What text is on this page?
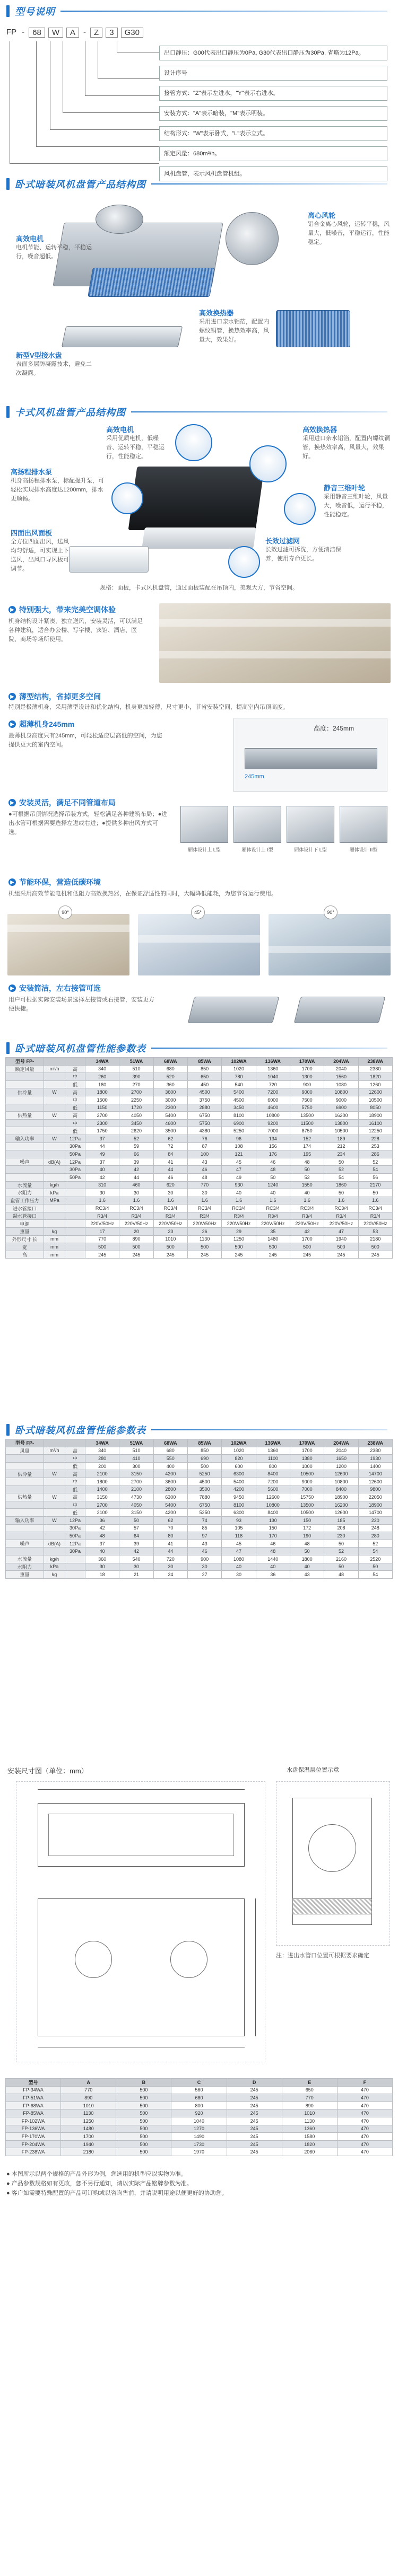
型号说明
FP -	68	W	A	-	Z	3	G30
出口静压：G00代表出口静压为0Pa, G30代表出口静压为30Pa, 省略为12Pa。
设计序号
接管方式："Z"表示左进水，"Y"表示右进水。
安装方式："A"表示暗装，"M"表示明装。
结构形式："W"表示卧式，"L"表示立式。
额定风量：680m³/h。
风机盘管，表示风机盘管机组。
卧式暗装风机盘管产品结构图
高效电机
电机节能、运转平稳，平稳运行，噪音超低。
离心风轮
铝合金离心风轮，运转平稳，风量大，低噪音，平稳运行，性能稳定。
新型V型接水盘
表面多层防凝露技术，避免二次凝露。
高效换热器
采用进口亲水铝箔，配置内螺纹铜管，换热效率高，风量大，效果好。
卡式风机盘管产品结构图
高效电机
采用优质电机，低噪音、运转平稳，平稳运行，性能稳定。
高效换热器
采用进口亲水铝箔，配置内螺纹铜管，换热效率高，风量大，效果好。
高扬程排水泵
机身高扬程排水泵，标配提升泵，可轻松实现排水高度达1200mm，排水更顺畅。
静音三维叶轮
采用静音三维叶轮，风量大，噪音低，运行平稳，性能稳定。
四面出风面板
全方位四面出风，送风均匀舒适，可实现上下送风，出风口导风板可调节。
长效过滤网
长效过滤可拆洗，方便清洁保养，使用寿命更长。
规格：面板，卡式风机盘管，通过面板装配在吊顶内，美观大方，节省空间。
▶ 特别强大，带来完美空调体验
机身结构设计紧凑，独立送风，安装灵活，可以满足各种建筑，适合办公楼、写字楼、宾馆、酒店、医院、商场等场所使用。
▶ 薄型结构，省掉更多空间
特别是极薄机身，采用薄型设计和优化结构，机身更加轻薄，尺寸更小，节省安装空间，提高室内吊顶高度。
▶ 超薄机身245mm
最薄机身高度只有245mm，可轻松适应层高低的空间，为您提供更大的室内空间。
高度：245mm
245mm
▶ 安装灵活，满足不同管道布局
●可根据吊顶情况选择吊装方式，轻松满足各种建筑布局；●进出水管可根据需要选择左进或右进；●提供多种出风方式可选。
厢体设计上 L型	厢体设计上 I型	厢体设计下 L型	厢体设计 II型
▶ 节能环保，营造低碳环境
机组采用高效节能电机和低阻力高效换热器，在保证舒适性的同时，大幅降低能耗，为您节省运行费用。
90°	45°	90°
▶ 安装简洁，左右接管可选
用户可根据实际安装场景选择左接管或右接管，安装更方便快捷。
卧式暗装风机盘管性能参数表
型号 FP-			34WA	51WA	68WA	85WA	102WA	136WA	170WA	204WA	238WA
额定风量	m³/h	高	340	510	680	850	1020	1360	1700	2040	2380
		中	260	390	520	650	780	1040	1300	1560	1820
		低	180	270	360	450	540	720	900	1080	1260
供冷量	W	高	1800	2700	3600	4500	5400	7200	9000	10800	12600
		中	1500	2250	3000	3750	4500	6000	7500	9000	10500
		低	1150	1720	2300	2880	3450	4600	5750	6900	8050
供热量	W	高	2700	4050	5400	6750	8100	10800	13500	16200	18900
		中	2300	3450	4600	5750	6900	9200	11500	13800	16100
		低	1750	2620	3500	4380	5250	7000	8750	10500	12250
输入功率	W	12Pa	37	52	62	76	96	134	152	189	228
		30Pa	44	59	72	87	108	156	174	212	253
		50Pa	49	66	84	100	121	176	195	234	286
噪声	dB(A)	12Pa	37	39	41	43	45	46	48	50	52
		30Pa	40	42	44	46	47	48	50	52	54
		50Pa	42	44	46	48	49	50	52	54	56
水流量	kg/h		310	460	620	770	930	1240	1550	1860	2170
水阻力	kPa		30	30	30	30	40	40	40	50	50
盘管工作压力	MPa		1.6	1.6	1.6	1.6	1.6	1.6	1.6	1.6	1.6
进水管接口			RC3/4	RC3/4	RC3/4	RC3/4	RC3/4	RC3/4	RC3/4	RC3/4	RC3/4
凝水管接口			R3/4	R3/4	R3/4	R3/4	R3/4	R3/4	R3/4	R3/4	R3/4
电源			220V/50Hz	220V/50Hz	220V/50Hz	220V/50Hz	220V/50Hz	220V/50Hz	220V/50Hz	220V/50Hz	220V/50Hz
重量	kg		17	20	23	26	29	35	42	47	53
外形尺寸 长	mm		770	890	1010	1130	1250	1480	1700	1940	2180
宽	mm		500	500	500	500	500	500	500	500	500
高	mm		245	245	245	245	245	245	245	245	245
卧式暗装风机盘管性能参数表
型号 FP-			34WA	51WA	68WA	85WA	102WA	136WA	170WA	204WA	238WA
风量	m³/h	高	340	510	680	850	1020	1360	1700	2040	2380
		中	280	410	550	690	820	1100	1380	1650	1930
		低	200	300	400	500	600	800	1000	1200	1400
供冷量	W	高	2100	3150	4200	5250	6300	8400	10500	12600	14700
		中	1800	2700	3600	4500	5400	7200	9000	10800	12600
		低	1400	2100	2800	3500	4200	5600	7000	8400	9800
供热量	W	高	3150	4730	6300	7880	9450	12600	15750	18900	22050
		中	2700	4050	5400	6750	8100	10800	13500	16200	18900
		低	2100	3150	4200	5250	6300	8400	10500	12600	14700
输入功率	W	12Pa	36	50	62	74	93	130	150	185	220
		30Pa	42	57	70	85	105	150	172	208	248
		50Pa	48	64	80	97	118	170	190	230	280
噪声	dB(A)	12Pa	37	39	41	43	45	46	48	50	52
		30Pa	40	42	44	46	47	48	50	52	54
水流量	kg/h		360	540	720	900	1080	1440	1800	2160	2520
水阻力	kPa		30	30	30	30	40	40	40	50	50
重量	kg		18	21	24	27	30	36	43	48	54
安装尺寸图（单位：mm）	水盘保温层位置示意
注：进出水管口位置可根据要求确定
型号	A	B	C	D	E	F
FP-34WA	770	500	560	245	650	470
FP-51WA	890	500	680	245	770	470
FP-68WA	1010	500	800	245	890	470
FP-85WA	1130	500	920	245	1010	470
FP-102WA	1250	500	1040	245	1130	470
FP-136WA	1480	500	1270	245	1360	470
FP-170WA	1700	500	1490	245	1580	470
FP-204WA	1940	500	1730	245	1820	470
FP-238WA	2180	500	1970	245	2060	470
● 本图所示以两个规格的产品外形为例，您选用的机型应以实物为准。
● 产品参数规格如有更改，恕不另行通知，请以实际产品铭牌参数为准。
● 客户如需要特殊配置的产品可订购或以咨询售前，并请说明用途以便更好的协助您。
